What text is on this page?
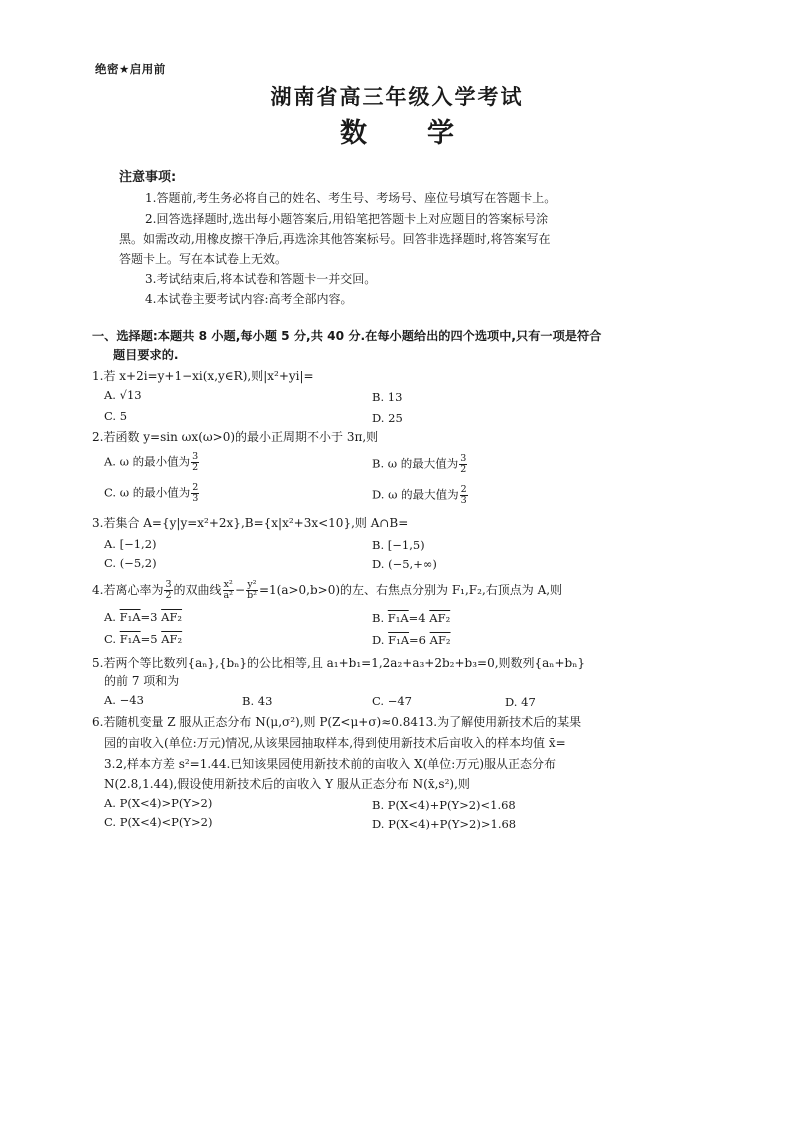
绝密★启用前
湖南省高三年级入学考试
数学
注意事项:
1.答题前,考生务必将自己的姓名、考生号、考场号、座位号填写在答题卡上。
2.回答选择题时,选出每小题答案后,用铅笔把答题卡上对应题目的答案标号涂
黑。如需改动,用橡皮擦干净后,再选涂其他答案标号。回答非选择题时,将答案写在
答题卡上。写在本试卷上无效。
3.考试结束后,将本试卷和答题卡一并交回。
4.本试卷主要考试内容:高考全部内容。
一、选择题:本题共 8 小题,每小题 5 分,共 40 分.在每小题给出的四个选项中,只有一项是符合
题目要求的.
1.若 x+2i=y+1−xi(x,y∈R),则|x²+yi|=
A. √13	B. 13
C. 5	D. 25
2.若函数 y=sin ωx(ω>0)的最小正周期不小于 3π,则
A. ω 的最小值为 $\frac{3}{2}$	B. ω 的最大值为 $\frac{3}{2}$
C. ω 的最小值为 $\frac{2}{3}$	D. ω 的最大值为 $\frac{2}{3}$
3.若集合 A={y|y=x²+2x},B={x|x²+3x<10},则 A∩B=
A. [−1,2)	B. [−1,5)
C. (−5,2)	D. (−5,+∞)
4.若离心率为 $\frac{3}{2}$ 的双曲线 $\frac{\text{x²}}{\text{a²}} - \frac{\text{y²}}{\text{b²}} =1(a>0,b>0)$的左、右焦点分别为 F₁,F₂,右顶点为 A,则
A. F₁A=3 AF₂	B. F₁A=4 AF₂
C. F₁A=5 AF₂	D. F₁A=6 AF₂
5.若两个等比数列{aₙ},{bₙ}的公比相等,且 a₁+b₁=1,2a₂+a₃+2b₂+b₃=0,则数列{aₙ+bₙ}
的前 7 项和为
A. −43	B. 43	C. −47	D. 47
6.若随机变量 Z 服从正态分布 N(μ,σ²),则 P(Z<μ+σ)≈0.8413.为了解使用新技术后的某果
园的亩收入(单位:万元)情况,从该果园抽取样本,得到使用新技术后亩收入的样本均值 x̄=
3.2,样本方差 s²=1.44.已知该果园使用新技术前的亩收入 X(单位:万元)服从正态分布
N(2.8,1.44),假设使用新技术后的亩收入 Y 服从正态分布 N(x̄,s²),则
A. P(X<4)>P(Y>2)	B. P(X<4)+P(Y>2)<1.68
C. P(X<4)<P(Y>2)	D. P(X<4)+P(Y>2)>1.68
